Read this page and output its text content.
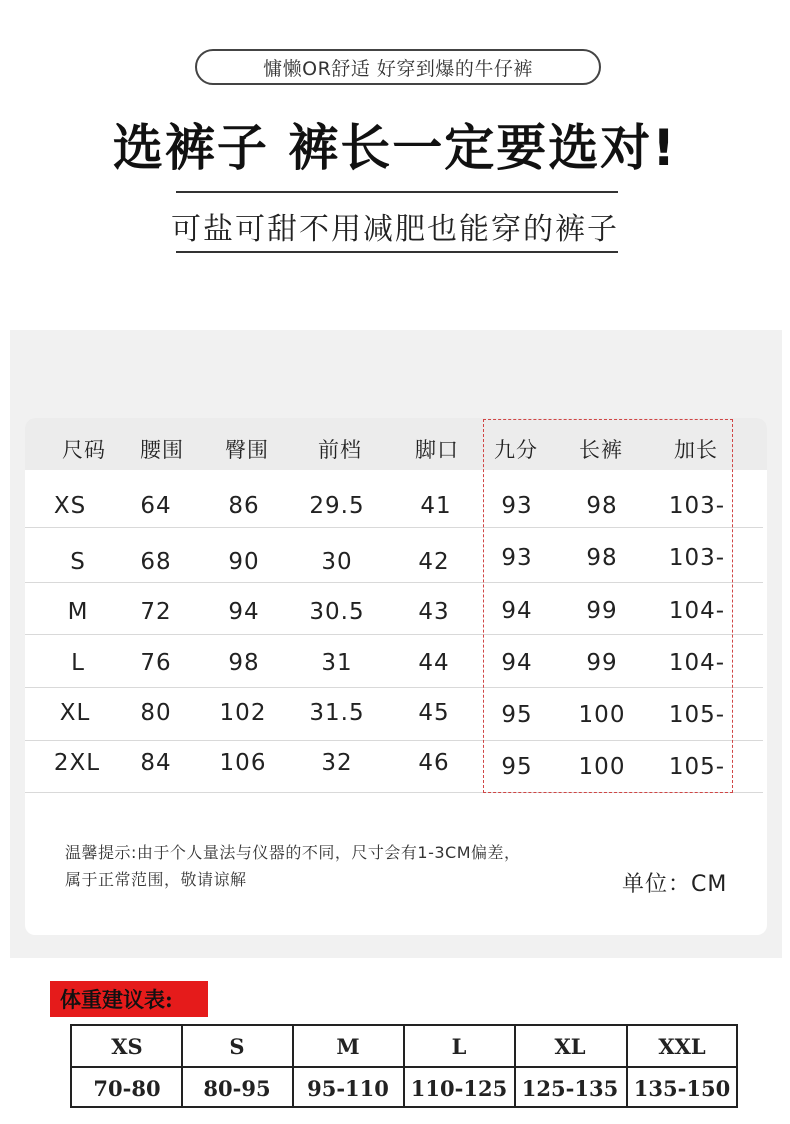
慵懒OR舒适 好穿到爆的牛仔裤
选裤子 裤长一定要选对!
可盐可甜不用减肥也能穿的裤子
尺码 腰围 臀围 前档	脚口 九分 长裤 加长
XS 64 86 29.5 41 93 98 103-
S 68 90	30	42 93 98 103-
M 72 94 30.5 43 94 99 104-
L 76 98	31	44 94 99 104-
XL 80 102 31.5 45 95 100 105-
2XL 84 106 32	46 95 100 105-
温馨提示:由于个人量法与仪器的不同，尺寸会有1-3CM偏差，
属于正常范围，敬请谅解	单位：CM
体重建议表:
XS	S	M	L	XL	XXL
70-80 80-95 95-110 110-125 125-135 135-150
